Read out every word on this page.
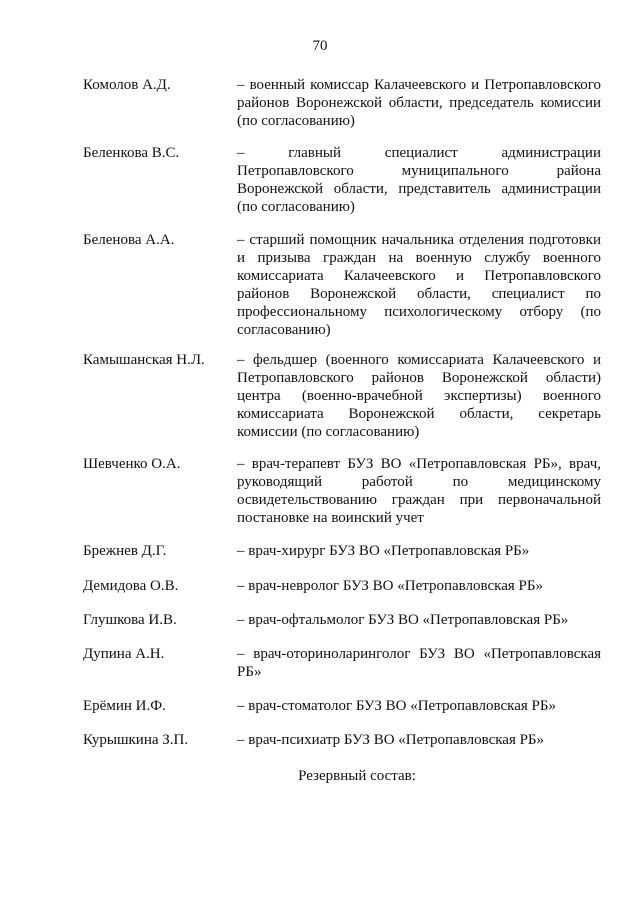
70
Комолов А.Д.	– военный комиссар Калачеевского и Петропавловского районов Воронежской области, председатель комиссии (по согласованию)
Беленкова В.С.	– главный специалист администрации Петропавловского муниципального района Воронежской области, представитель администрации (по согласованию)
Беленова А.А.	– старший помощник начальника отделения подготовки и призыва граждан на военную службу военного комиссариата Калачеевского и Петропавловского районов Воронежской области, специалист по профессиональному психологическому отбору (по согласованию)
Камышанская Н.Л.	– фельдшер (военного комиссариата Калачеевского и Петропавловского районов Воронежской области) центра (военно-врачебной экспертизы) военного комиссариата Воронежской области, секретарь комиссии (по согласованию)
Шевченко О.А.	– врач-терапевт БУЗ ВО «Петропавловская РБ», врач, руководящий работой по медицинскому освидетельствованию граждан при первоначальной постановке на воинский учет
Брежнев Д.Г.	– врач-хирург БУЗ ВО «Петропавловская РБ»
Демидова О.В.	– врач-невролог БУЗ ВО «Петропавловская РБ»
Глушкова И.В.	– врач-офтальмолог БУЗ ВО «Петропавловская РБ»
Дупина А.Н.	– врач-оториноларинголог БУЗ ВО «Петропавловская РБ»
Ерёмин И.Ф.	– врач-стоматолог БУЗ ВО «Петропавловская РБ»
Курышкина З.П.	– врач-психиатр БУЗ ВО «Петропавловская РБ»
Резервный состав:
